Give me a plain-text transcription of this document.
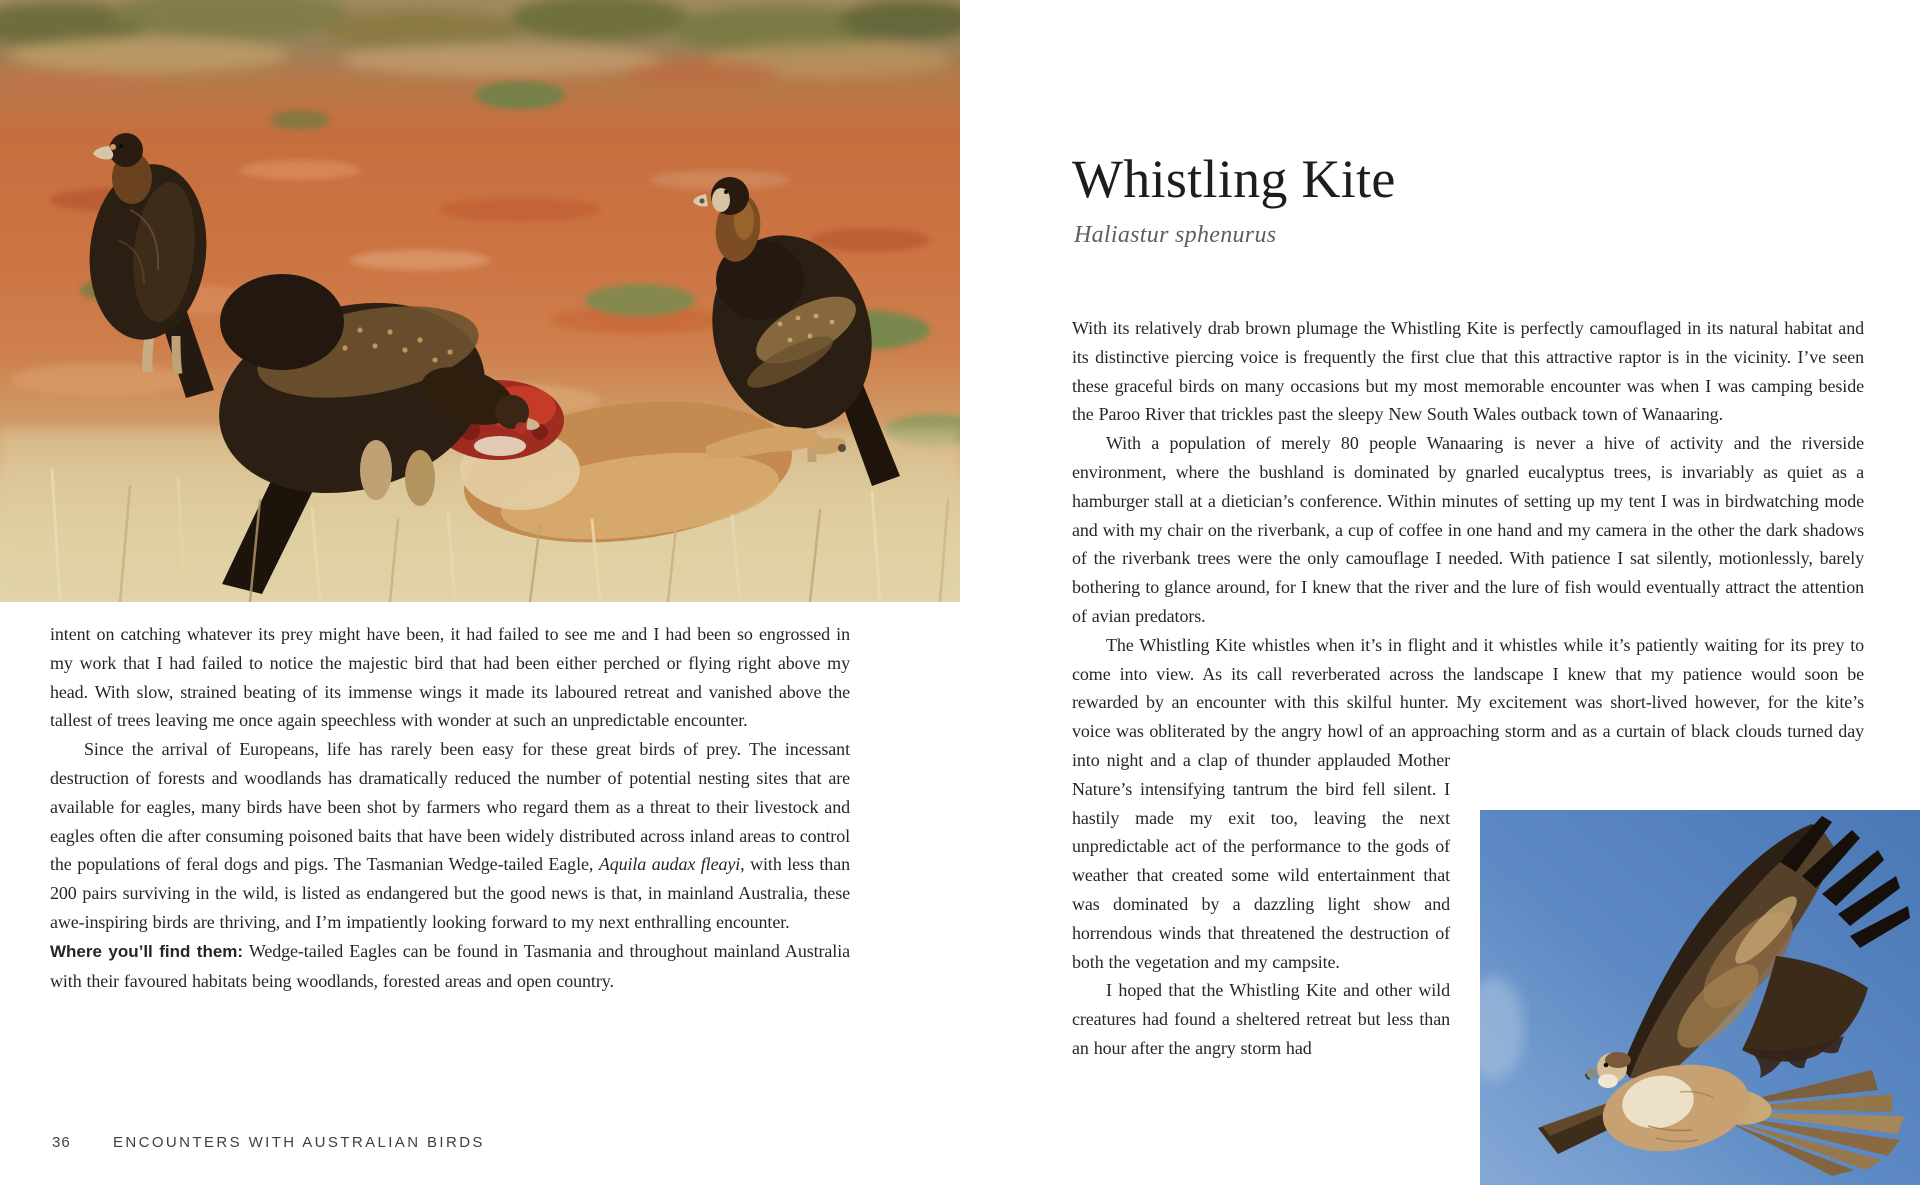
intent on catching whatever its prey might have been, it had failed to see me and I had been so engrossed in my work that I had failed to notice the majestic bird that had been either perched or flying right above my head. With slow, strained beating of its immense wings it made its laboured retreat and vanished above the tallest of trees leaving me once again speechless with wonder at such an unpredictable encounter.

Since the arrival of Europeans, life has rarely been easy for these great birds of prey. The incessant destruction of forests and woodlands has dramatically reduced the number of potential nesting sites that are available for eagles, many birds have been shot by farmers who regard them as a threat to their livestock and eagles often die after consuming poisoned baits that have been widely distributed across inland areas to control the populations of feral dogs and pigs. The Tasmanian Wedge-tailed Eagle, Aquila audax fleayi, with less than 200 pairs surviving in the wild, is listed as endangered but the good news is that, in mainland Australia, these awe-inspiring birds are thriving, and I’m impatiently looking forward to my next enthralling encounter.

Where you’ll find them: Wedge-tailed Eagles can be found in Tasmania and throughout mainland Australia with their favoured habitats being woodlands, forested areas and open country.

36	ENCOUNTERS WITH AUSTRALIAN BIRDS
Whistling Kite
Haliastur sphenurus

With its relatively drab brown plumage the Whistling Kite is perfectly camouflaged in its natural habitat and its distinctive piercing voice is frequently the first clue that this attractive raptor is in the vicinity. I’ve seen these graceful birds on many occasions but my most memorable encounter was when I was camping beside the Paroo River that trickles past the sleepy New South Wales outback town of Wanaaring.

With a population of merely 80 people Wanaaring is never a hive of activity and the riverside environment, where the bushland is dominated by gnarled eucalyptus trees, is invariably as quiet as a hamburger stall at a dietician’s conference. Within minutes of setting up my tent I was in birdwatching mode and with my chair on the riverbank, a cup of coffee in one hand and my camera in the other the dark shadows of the riverbank trees were the only camouflage I needed. With patience I sat silently, motionlessly, barely bothering to glance around, for I knew that the river and the lure of fish would eventually attract the attention of avian predators.

The Whistling Kite whistles when it’s in flight and it whistles while it’s patiently waiting for its prey to come into view. As its call reverberated across the landscape I knew that my patience would soon be rewarded by an encounter with this skilful hunter. My excitement was short-lived however, for the kite’s voice was obliterated by the angry howl of an approaching storm and as a curtain of black clouds turned day into night and a clap of thunder applauded Mother
Nature’s intensifying tantrum the bird fell silent. I hastily made my exit too, leaving the next unpredictable act of the performance to the gods of weather that created some wild entertainment that was dominated by a dazzling light show and horrendous winds that threatened the destruction of both the vegetation and my campsite.

I hoped that the Whistling Kite and other wild creatures had found a sheltered retreat but less than an hour after the angry storm had
